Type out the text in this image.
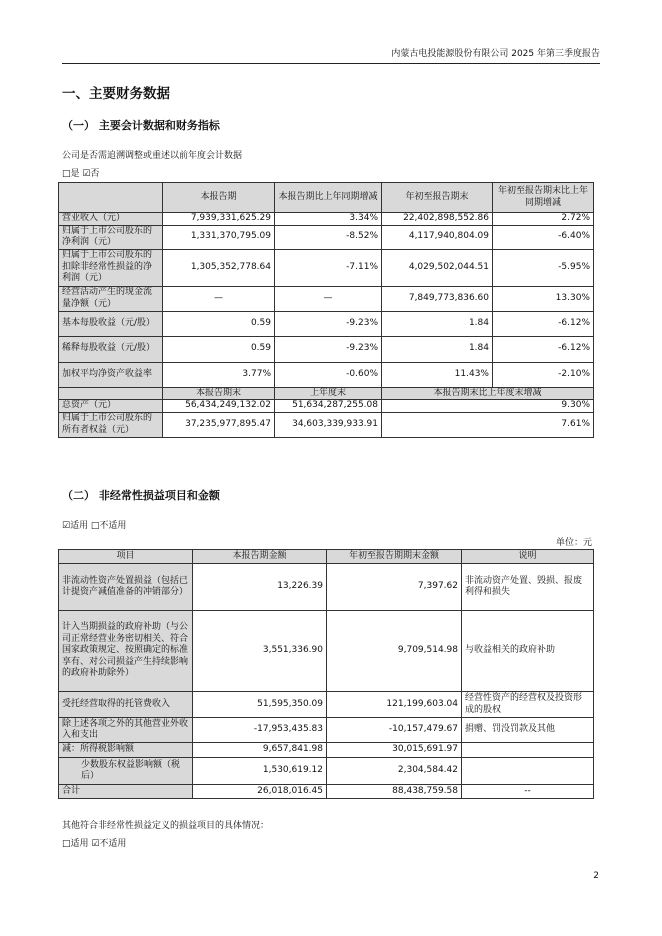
内蒙古电投能源股份有限公司 2025 年第三季度报告
一、主要财务数据
（一） 主要会计数据和财务指标
公司是否需追溯调整或重述以前年度会计数据
□是 ☑否
	本报告期	本报告期比上年同期增减	年初至报告期末	年初至报告期末比上年同期增减
营业收入（元）	7,939,331,625.29	3.34%	22,402,898,552.86	2.72%
归属于上市公司股东的净利润（元）	1,331,370,795.09	-8.52%	4,117,940,804.09	-6.40%
归属于上市公司股东的扣除非经常性损益的净利润（元）	1,305,352,778.64	-7.11%	4,029,502,044.51	-5.95%
经营活动产生的现金流量净额（元）	—	—	7,849,773,836.60	13.30%
基本每股收益（元/股）	0.59	-9.23%	1.84	-6.12%
稀释每股收益（元/股）	0.59	-9.23%	1.84	-6.12%
加权平均净资产收益率	3.77%	-0.60%	11.43%	-2.10%
	本报告期末	上年度末	本报告期末比上年度末增减	
总资产（元）	56,434,249,132.02	51,634,287,255.08	9.30%	
归属于上市公司股东的所有者权益（元）	37,235,977,895.47	34,603,339,933.91	7.61%	
（二） 非经常性损益项目和金额
☑适用 □不适用
单位：元
项目	本报告期金额	年初至报告期期末金额	说明
非流动性资产处置损益（包括已计提资产减值准备的冲销部分）	13,226.39	7,397.62	非流动资产处置、毁损、报废利得和损失
计入当期损益的政府补助（与公司正常经营业务密切相关、符合国家政策规定、按照确定的标准享有、对公司损益产生持续影响的政府补助除外）	3,551,336.90	9,709,514.98	与收益相关的政府补助
受托经营取得的托管费收入	51,595,350.09	121,199,603.04	经营性资产的经营权及投资形成的股权
除上述各项之外的其他营业外收入和支出	-17,953,435.83	-10,157,479.67	捐赠、罚没罚款及其他
减：所得税影响额	9,657,841.98	30,015,691.97	
少数股东权益影响额（税后）	1,530,619.12	2,304,584.42	
合计	26,018,016.45	88,438,759.58	--
其他符合非经常性损益定义的损益项目的具体情况：
□适用 ☑不适用
2
